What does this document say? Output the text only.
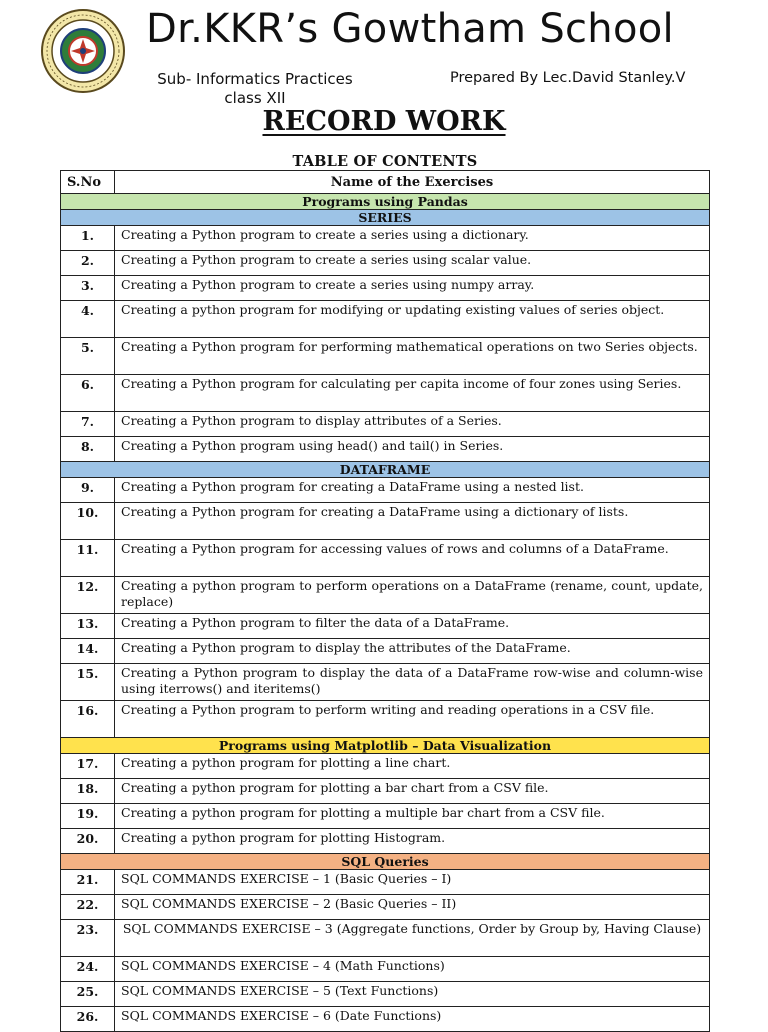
Dr.KKR’s Gowtham School
Sub- Informatics Practices
class XII
Prepared By Lec.David Stanley.V
RECORD WORK
TABLE OF CONTENTS
S.No	Name of the Exercises
Programs using Pandas	
SERIES	
1.	Creating a Python program to create a series using a dictionary.
2.	Creating a Python program to create a series using scalar value.
3.	Creating a Python program to create a series using numpy array.
4.	Creating a python program for modifying or updating existing values of series object.
5.	Creating a Python program for performing mathematical operations on two Series objects.
6.	Creating a Python program for calculating per capita income of four zones using Series.
7.	Creating a Python program to display attributes of a Series.
8.	Creating a Python program using head() and tail() in Series.
DATAFRAME	
9.	Creating a Python program for creating a DataFrame using a nested list.
10.	Creating a Python program for creating a DataFrame using a dictionary of lists.
11.	Creating a Python program for accessing values of rows and columns of a DataFrame.
12.	Creating a python program to perform operations on a DataFrame (rename, count, update, replace)
13.	Creating a Python program to filter the data of a DataFrame.
14.	Creating a Python program to display the attributes of the DataFrame.
15.	Creating a Python program to display the data of a DataFrame row-wise and column-wise using iterrows() and iteritems()
16.	Creating a Python program to perform writing and reading operations in a CSV file.
Programs using Matplotlib – Data Visualization	
17.	Creating a python program for plotting a line chart.
18.	Creating a python program for plotting a bar chart from a CSV file.
19.	Creating a python program for plotting a multiple bar chart from a CSV file.
20.	Creating a python program for plotting Histogram.
SQL Queries	
21.	SQL COMMANDS EXERCISE – 1 (Basic Queries – I)
22.	SQL COMMANDS EXERCISE – 2 (Basic Queries – II)
23.	SQL COMMANDS EXERCISE – 3 (Aggregate functions, Order by Group by, Having Clause)
24.	SQL COMMANDS EXERCISE – 4 (Math Functions)
25.	SQL COMMANDS EXERCISE – 5 (Text Functions)
26.	SQL COMMANDS EXERCISE – 6 (Date Functions)
